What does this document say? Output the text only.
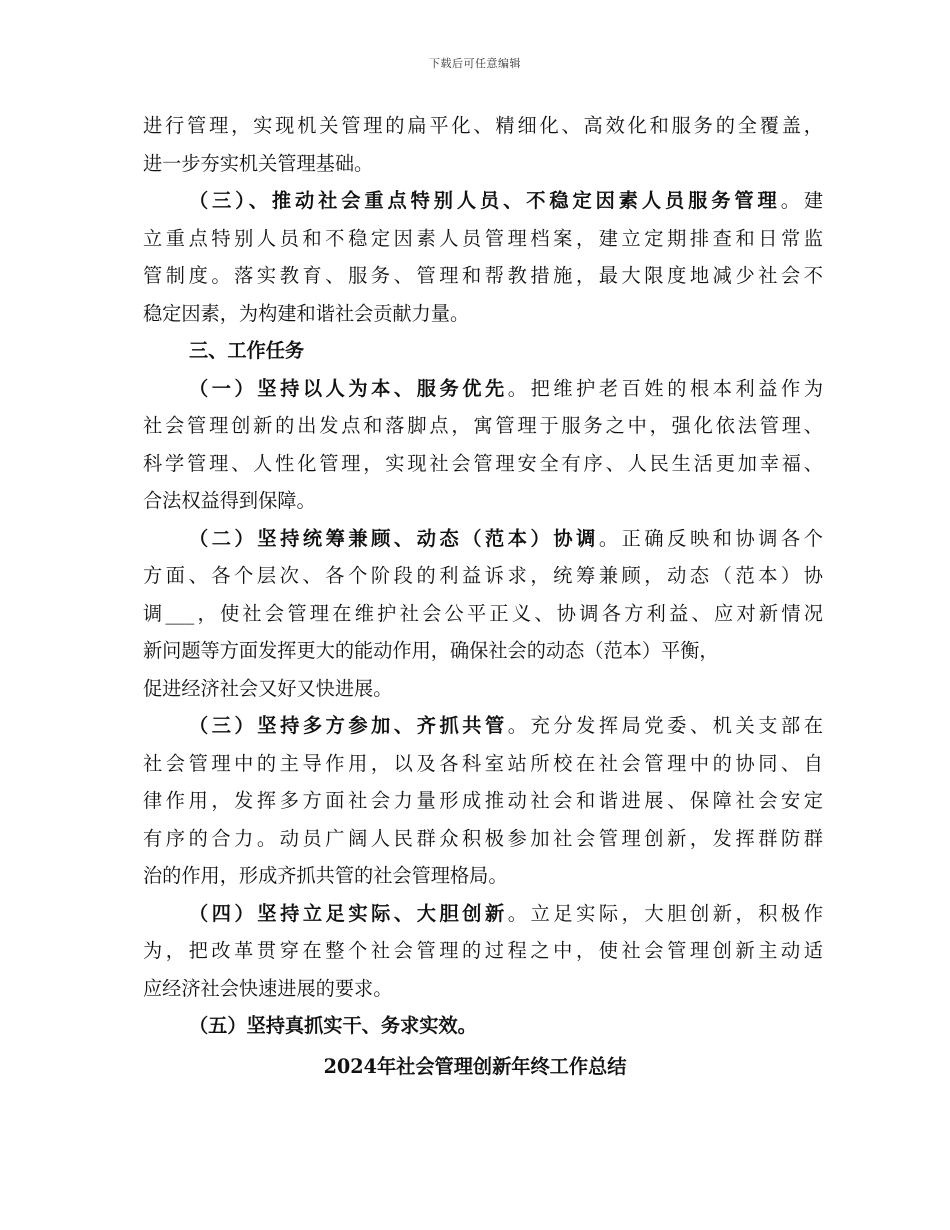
下载后可任意编辑
进行管理，实现机关管理的扁平化、精细化、高效化和服务的全覆盖，
进一步夯实机关管理基础。
（三）、推动社会重点特别人员、不稳定因素人员服务管理。建
立重点特别人员和不稳定因素人员管理档案，建立定期排查和日常监
管制度。落实教育、服务、管理和帮教措施，最大限度地减少社会不
稳定因素，为构建和谐社会贡献力量。
三、工作任务
（一）坚持以人为本、服务优先。把维护老百姓的根本利益作为
社会管理创新的出发点和落脚点，寓管理于服务之中，强化依法管理、
科学管理、人性化管理，实现社会管理安全有序、人民生活更加幸福、
合法权益得到保障。
（二）坚持统筹兼顾、动态（范本）协调。正确反映和协调各个
方面、各个层次、各个阶段的利益诉求，统筹兼顾，动态（范本）协
调___，使社会管理在维护社会公平正义、协调各方利益、应对新情况
新问题等方面发挥更大的能动作用，确保社会的动态（范本）平衡，
促进经济社会又好又快进展。
（三）坚持多方参加、齐抓共管。充分发挥局党委、机关支部在
社会管理中的主导作用，以及各科室站所校在社会管理中的协同、自
律作用，发挥多方面社会力量形成推动社会和谐进展、保障社会安定
有序的合力。动员广阔人民群众积极参加社会管理创新，发挥群防群
治的作用，形成齐抓共管的社会管理格局。
（四）坚持立足实际、大胆创新。立足实际，大胆创新，积极作
为，把改革贯穿在整个社会管理的过程之中，使社会管理创新主动适
应经济社会快速进展的要求。
（五）坚持真抓实干、务求实效。
2024年社会管理创新年终工作总结
